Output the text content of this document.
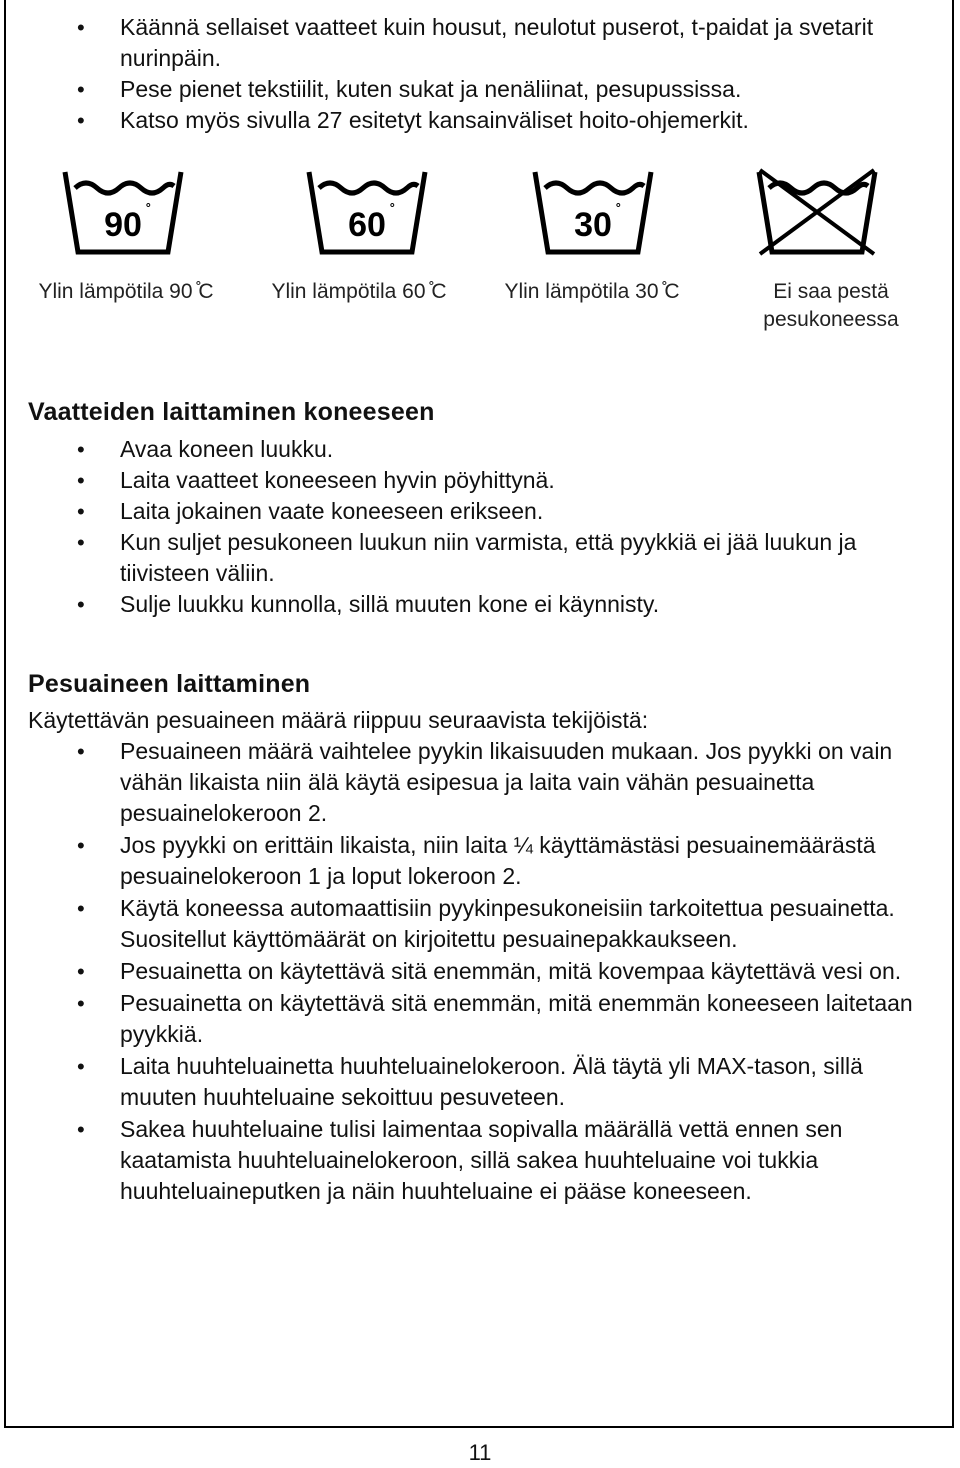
• Käännä sellaiset vaatteet kuin housut, neulotut puserot, t-paidat ja svetarit nurinpäin.
• Pese pienet tekstiilit, kuten sukat ja nenäliinat, pesupussissa.
• Katso myös sivulla 27 esitetyt kansainväliset hoito-ohjemerkit.
90 ˚	60 ˚	30 ˚
Ylin lämpötila 90 ̊C	Ylin lämpötila 60 ̊C	Ylin lämpötila 30 ̊C	Ei saa pestä pesukoneessa
Vaatteiden laittaminen koneeseen
• Avaa koneen luukku.
• Laita vaatteet koneeseen hyvin pöyhittynä.
• Laita jokainen vaate koneeseen erikseen.
• Kun suljet pesukoneen luukun niin varmista, että pyykkiä ei jää luukun ja tiivisteen väliin.
• Sulje luukku kunnolla, sillä muuten kone ei käynnisty.
Pesuaineen laittaminen

Käytettävän pesuaineen määrä riippuu seuraavista tekijöistä:

• Pesuaineen määrä vaihtelee pyykin likaisuuden mukaan. Jos pyykki on vain vähän likaista niin älä käytä esipesua ja laita vain vähän pesuainetta pesuainelokeroon 2.
• Jos pyykki on erittäin likaista, niin laita ¼ käyttämästäsi pesuainemäärästä pesuainelokeroon 1 ja loput lokeroon 2.
• Käytä koneessa automaattisiin pyykinpesukoneisiin tarkoitettua pesuainetta. Suositellut käyttömäärät on kirjoitettu pesuainepakkaukseen.
• Pesuainetta on käytettävä sitä enemmän, mitä kovempaa käytettävä vesi on.
• Pesuainetta on käytettävä sitä enemmän, mitä enemmän koneeseen laitetaan pyykkiä.
• Laita huuhteluainetta huuhteluainelokeroon. Älä täytä yli MAX-tason, sillä muuten huuhteluaine sekoittuu pesuveteen.
• Sakea huuhteluaine tulisi laimentaa sopivalla määrällä vettä ennen sen kaatamista huuhteluainelokeroon, sillä sakea huuhteluaine voi tukkia huuhteluaineputken ja näin huuhteluaine ei pääse koneeseen.
11
